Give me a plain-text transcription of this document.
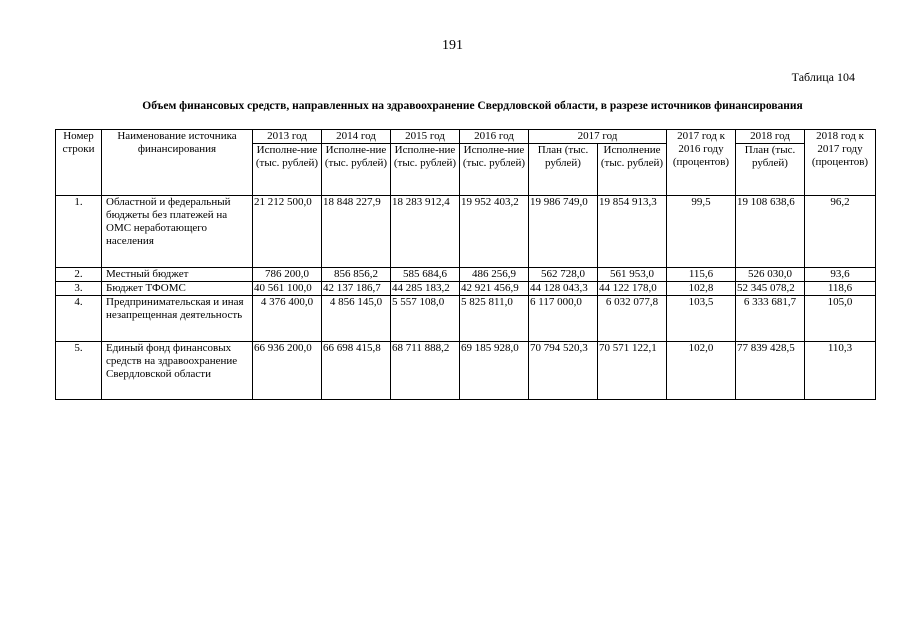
191
Таблица 104
Объем финансовых средств, направленных на здравоохранение Свердловской области, в разрезе источников финансирования
Номер строки	Наименование источника финансирования	2013 год	2014 год	2015 год	2016 год	2017 год		2017 год к 2016 году (процентов)	2018 год	2018 год к 2017 году (процентов)
		Исполне-ние (тыс. рублей)	Исполне-ние (тыс. рублей)	Исполне-ние (тыс. рублей)	Исполне-ние (тыс. рублей)	План (тыс. рублей)	Исполнение (тыс. рублей)		План (тыс. рублей)	
1.	Областной и федеральный бюджеты без платежей на ОМС неработающего населения	21 212 500,0	18 848 227,9	18 283 912,4	19 952 403,2	19 986 749,0	19 854 913,3	99,5	19 108 638,6	96,2
2.	Местный бюджет	786 200,0	856 856,2	585 684,6	486 256,9	562 728,0	561 953,0	115,6	526 030,0	93,6
3.	Бюджет ТФОМС	40 561 100,0	42 137 186,7	44 285 183,2	42 921 456,9	44 128 043,3	44 122 178,0	102,8	52 345 078,2	118,6
4.	Предпринимательская и иная незапрещенная деятельность	4 376 400,0	4 856 145,0	5 557 108,0	5 825 811,0	6 117 000,0	6 032 077,8	103,5	6 333 681,7	105,0
5.	Единый фонд финансовых средств на здравоохранение Свердловской области	66 936 200,0	66 698 415,8	68 711 888,2	69 185 928,0	70 794 520,3	70 571 122,1	102,0	77 839 428,5	110,3
